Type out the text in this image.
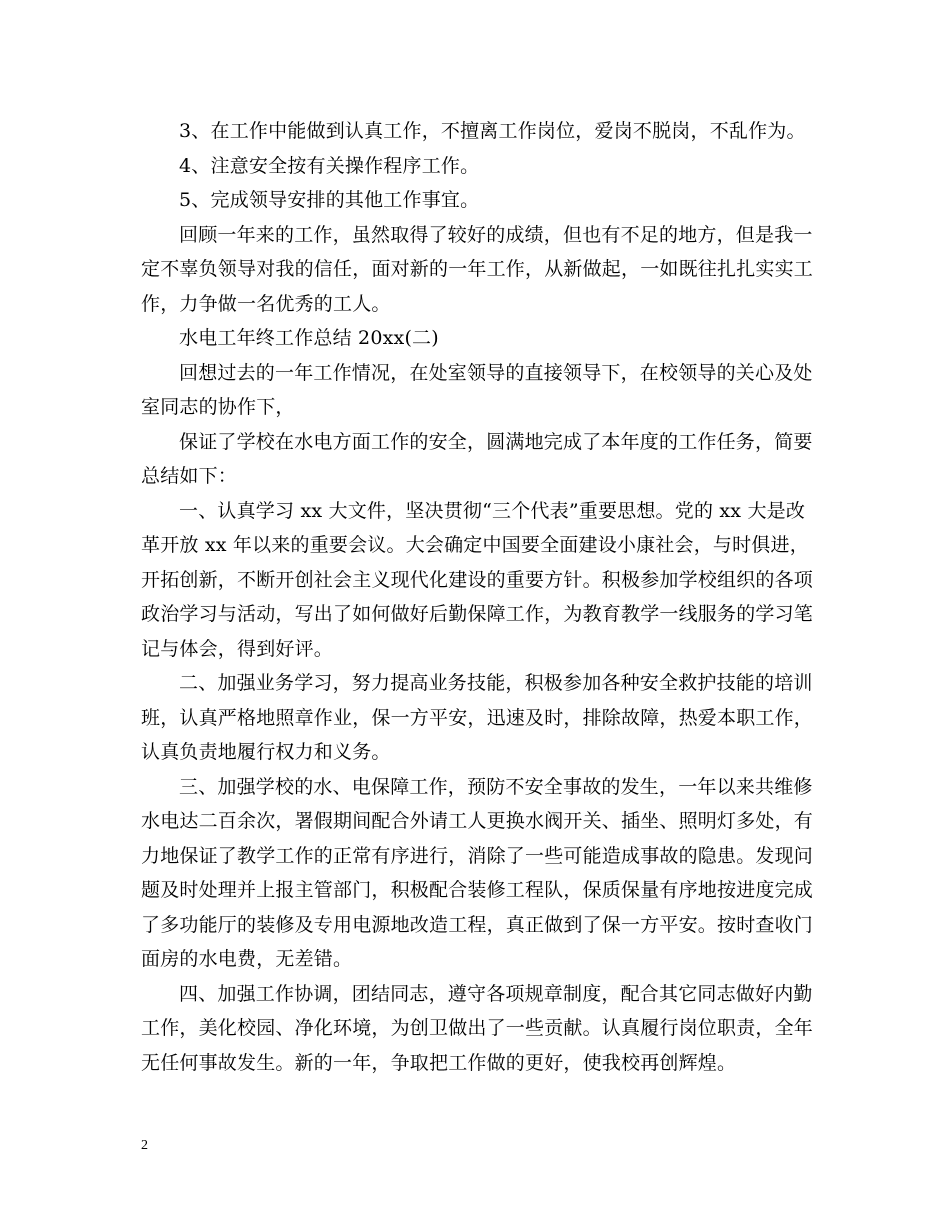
3、在工作中能做到认真工作，不擅离工作岗位，爱岗不脱岗，不乱作为。

4、注意安全按有关操作程序工作。

5、完成领导安排的其他工作事宜。

回顾一年来的工作，虽然取得了较好的成绩，但也有不足的地方，但是我一定不辜负领导对我的信任，面对新的一年工作，从新做起，一如既往扎扎实实工作，力争做一名优秀的工人。

水电工年终工作总结 20xx(二)

回想过去的一年工作情况，在处室领导的直接领导下，在校领导的关心及处室同志的协作下，

保证了学校在水电方面工作的安全，圆满地完成了本年度的工作任务，简要总结如下：

一、认真学习 xx 大文件，坚决贯彻“三个代表”重要思想。党的 xx 大是改革开放 xx 年以来的重要会议。大会确定中国要全面建设小康社会，与时俱进，开拓创新，不断开创社会主义现代化建设的重要方针。积极参加学校组织的各项政治学习与活动，写出了如何做好后勤保障工作，为教育教学一线服务的学习笔记与体会，得到好评。

二、加强业务学习，努力提高业务技能，积极参加各种安全救护技能的培训班，认真严格地照章作业，保一方平安，迅速及时，排除故障，热爱本职工作，认真负责地履行权力和义务。

三、加强学校的水、电保障工作，预防不安全事故的发生，一年以来共维修水电达二百余次，署假期间配合外请工人更换水阀开关、插坐、照明灯多处，有力地保证了教学工作的正常有序进行，消除了一些可能造成事故的隐患。发现问题及时处理并上报主管部门，积极配合装修工程队，保质保量有序地按进度完成了多功能厅的装修及专用电源地改造工程，真正做到了保一方平安。按时查收门面房的水电费，无差错。

四、加强工作协调，团结同志，遵守各项规章制度，配合其它同志做好内勤工作，美化校园、净化环境，为创卫做出了一些贡献。认真履行岗位职责，全年无任何事故发生。新的一年，争取把工作做的更好，使我校再创辉煌。

2
